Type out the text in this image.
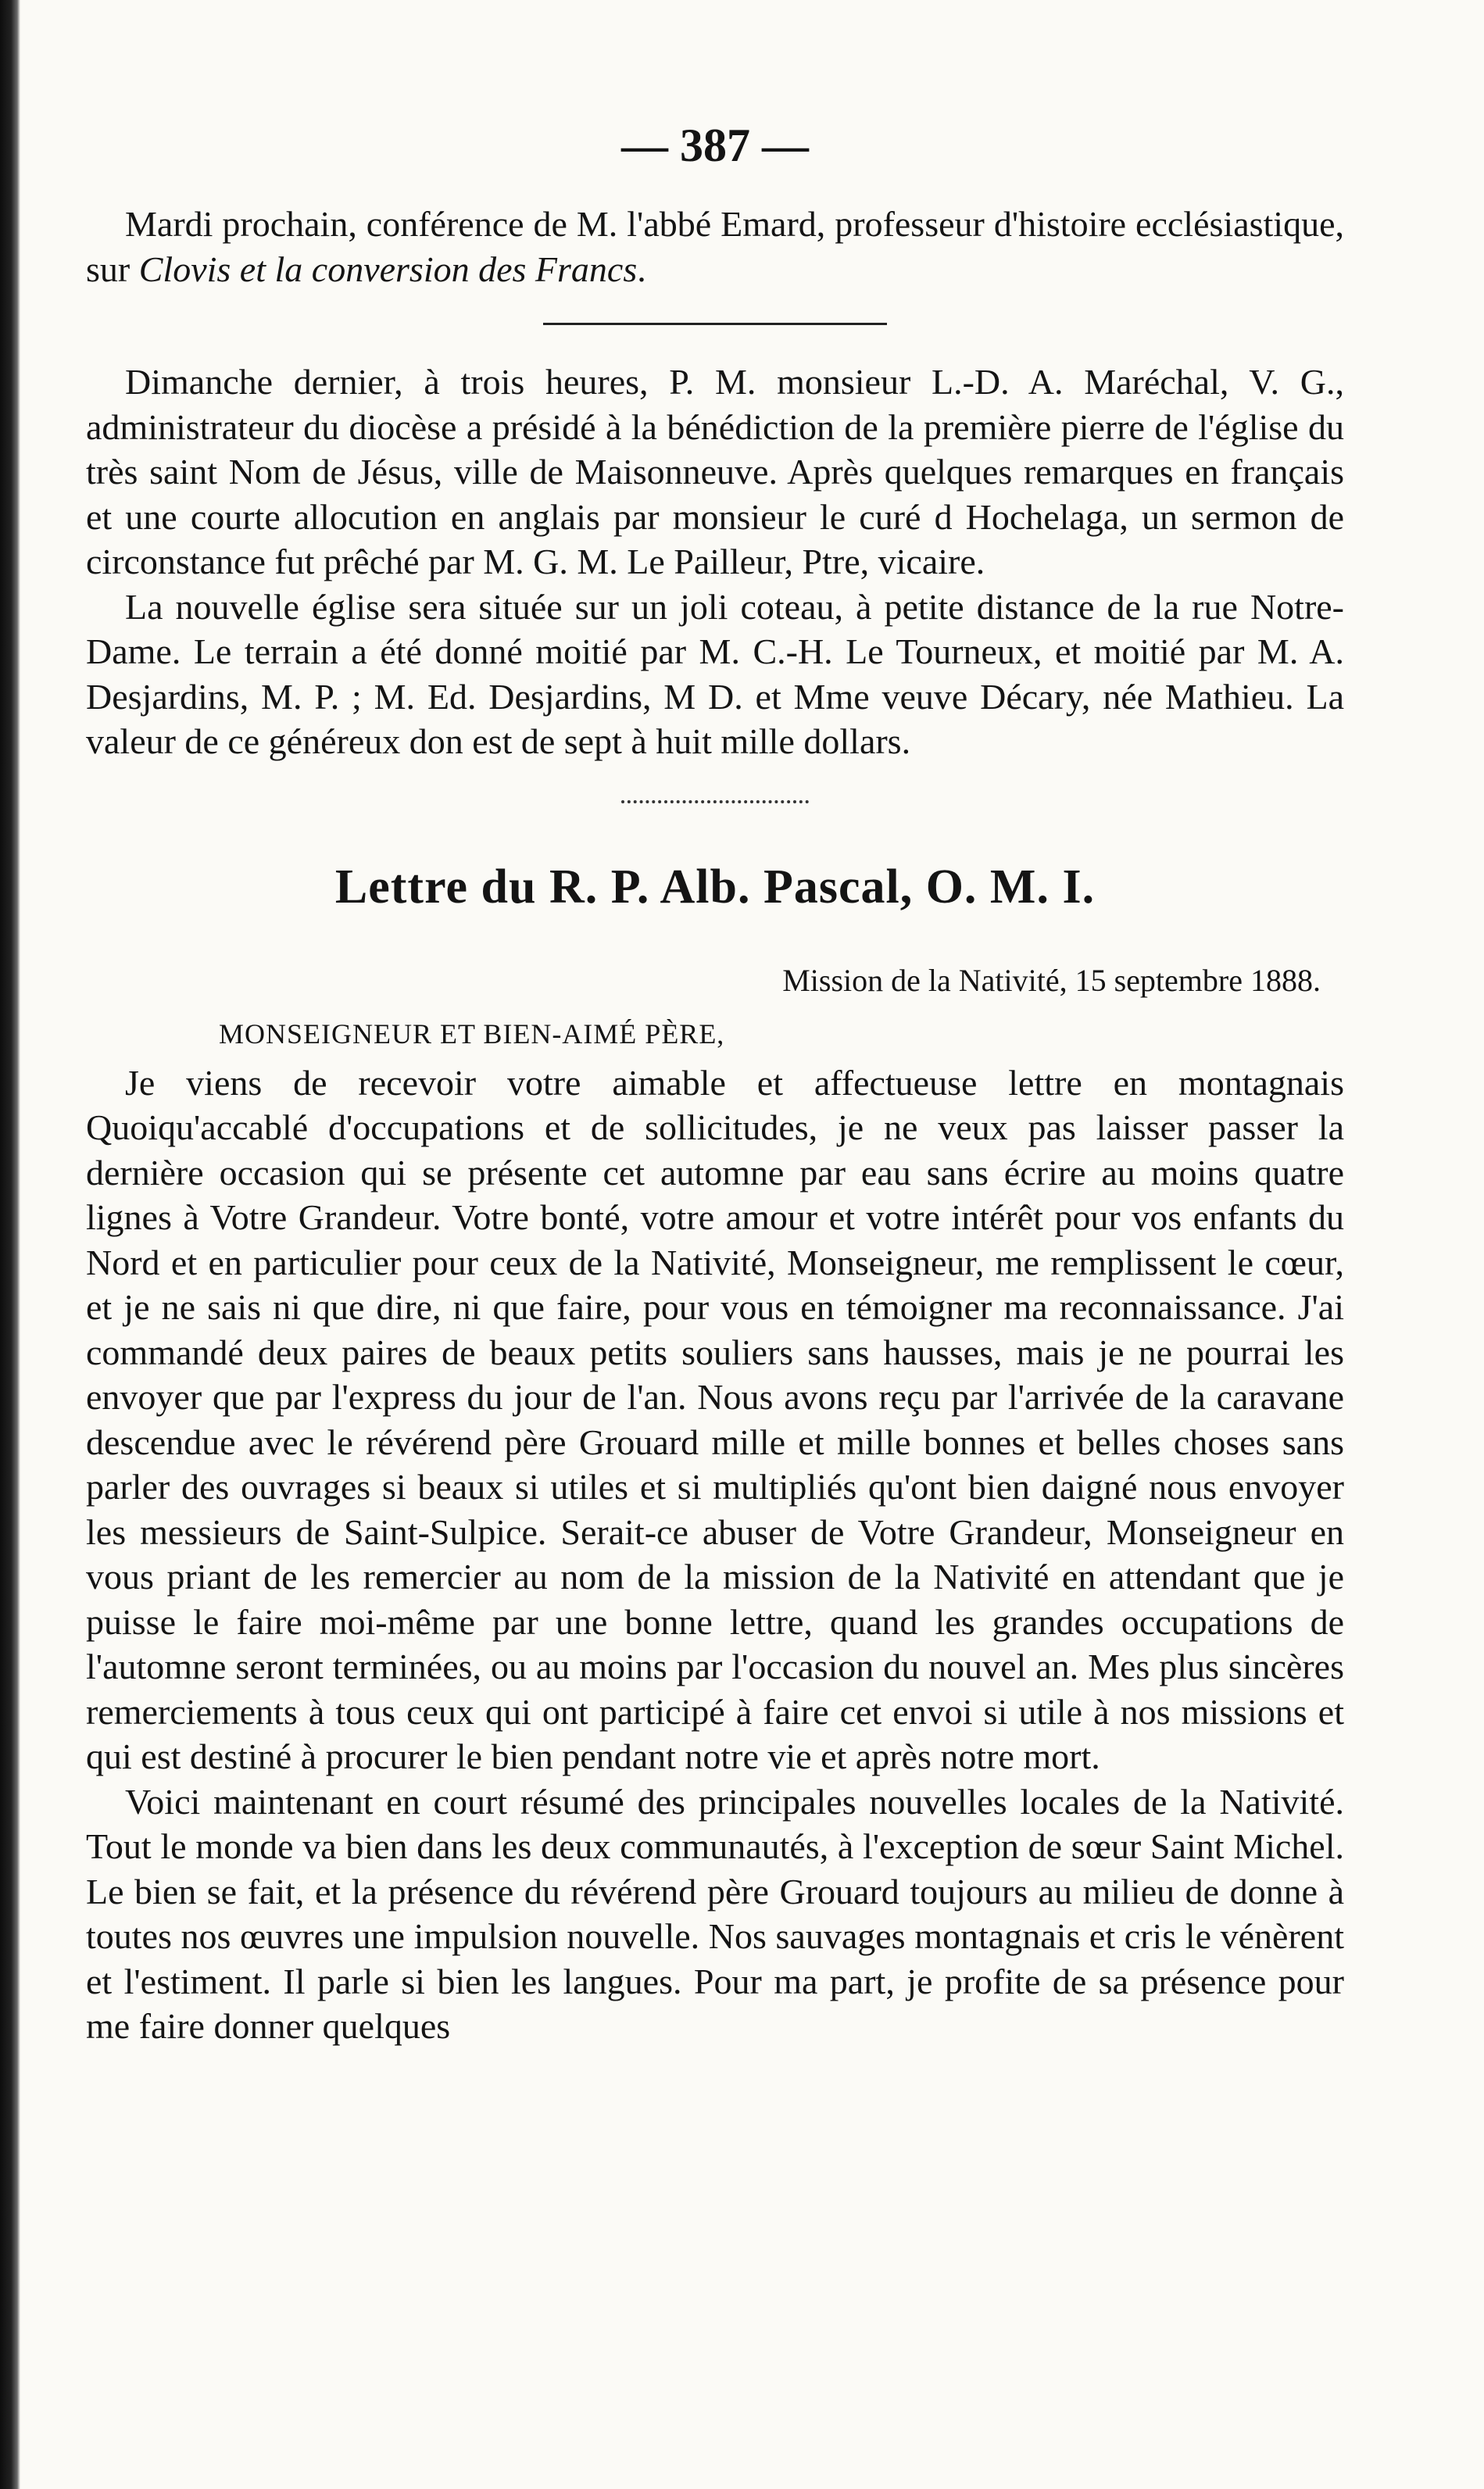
— 387 —

Mardi prochain, conférence de M. l'abbé Emard, professeur d'histoire ecclésiastique, sur Clovis et la conversion des Francs.

Dimanche dernier, à trois heures, P. M. monsieur L.-D. A. Maréchal, V. G., administrateur du diocèse a présidé à la bénédiction de la première pierre de l'église du très saint Nom de Jésus, ville de Maisonneuve. Après quelques remarques en français et une courte allocution en anglais par monsieur le curé d Hochelaga, un sermon de circonstance fut prêché par M. G. M. Le Pailleur, Ptre, vicaire.

La nouvelle église sera située sur un joli coteau, à petite distance de la rue Notre-Dame. Le terrain a été donné moitié par M. C.-H. Le Tourneux, et moitié par M. A. Desjardins, M. P. ; M. Ed. Desjardins, M D. et Mme veuve Décary, née Mathieu. La valeur de ce généreux don est de sept à huit mille dollars.

Lettre du R. P. Alb. Pascal, O. M. I.
Mission de la Nativité, 15 septembre 1888.
MONSEIGNEUR ET BIEN-AIMÉ PÈRE,

Je viens de recevoir votre aimable et affectueuse lettre en montagnais Quoiqu'accablé d'occupations et de sollicitudes, je ne veux pas laisser passer la dernière occasion qui se présente cet automne par eau sans écrire au moins quatre lignes à Votre Grandeur. Votre bonté, votre amour et votre intérêt pour vos enfants du Nord et en particulier pour ceux de la Nativité, Monseigneur, me remplissent le cœur, et je ne sais ni que dire, ni que faire, pour vous en témoigner ma reconnaissance. J'ai commandé deux paires de beaux petits souliers sans hausses, mais je ne pourrai les envoyer que par l'express du jour de l'an. Nous avons reçu par l'arrivée de la caravane descendue avec le révérend père Grouard mille et mille bonnes et belles choses sans parler des ouvrages si beaux si utiles et si multipliés qu'ont bien daigné nous envoyer les messieurs de Saint-Sulpice. Serait-ce abuser de Votre Grandeur, Monseigneur en vous priant de les remercier au nom de la mission de la Nativité en attendant que je puisse le faire moi-même par une bonne lettre, quand les grandes occupations de l'automne seront terminées, ou au moins par l'occasion du nouvel an. Mes plus sincères remerciements à tous ceux qui ont participé à faire cet envoi si utile à nos missions et qui est destiné à procurer le bien pendant notre vie et après notre mort.

Voici maintenant en court résumé des principales nouvelles locales de la Nativité. Tout le monde va bien dans les deux communautés, à l'exception de sœur Saint Michel. Le bien se fait, et la présence du révérend père Grouard toujours au milieu de donne à toutes nos œuvres une impulsion nouvelle. Nos sauvages montagnais et cris le vénèrent et l'estiment. Il parle si bien les langues. Pour ma part, je profite de sa présence pour me faire donner quelques
